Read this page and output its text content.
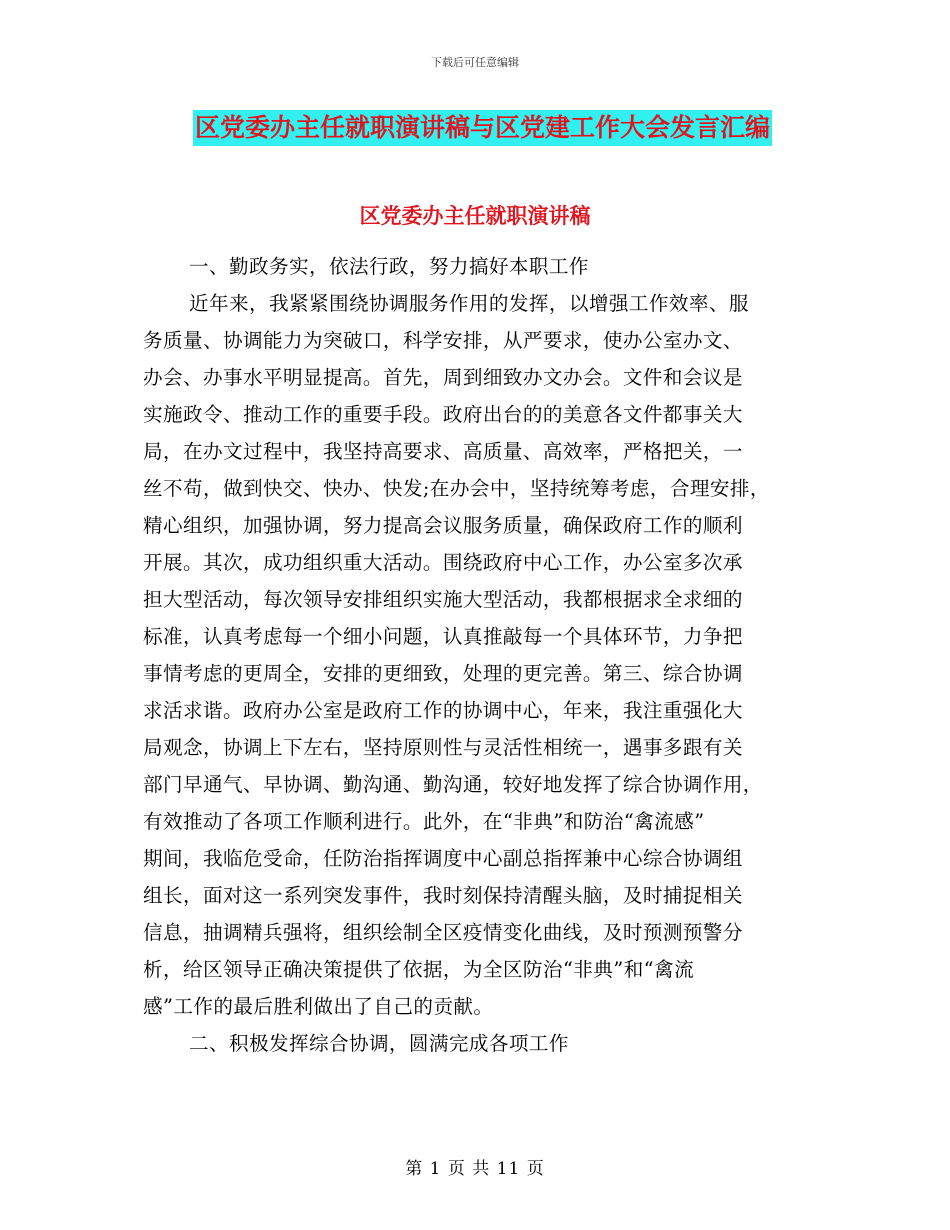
下载后可任意编辑
区党委办主任就职演讲稿与区党建工作大会发言汇编
区党委办主任就职演讲稿
一、勤政务实，依法行政，努力搞好本职工作
近年来，我紧紧围绕协调服务作用的发挥，以增强工作效率、服
务质量、协调能力为突破口，科学安排，从严要求，使办公室办文、
办会、办事水平明显提高。首先，周到细致办文办会。文件和会议是
实施政令、推动工作的重要手段。政府出台的的美意各文件都事关大
局，在办文过程中，我坚持高要求、高质量、高效率，严格把关，一
丝不苟，做到快交、快办、快发;在办会中，坚持统筹考虑，合理安排，
精心组织，加强协调，努力提高会议服务质量，确保政府工作的顺利
开展。其次，成功组织重大活动。围绕政府中心工作，办公室多次承
担大型活动，每次领导安排组织实施大型活动，我都根据求全求细的
标准，认真考虑每一个细小问题，认真推敲每一个具体环节，力争把
事情考虑的更周全，安排的更细致，处理的更完善。第三、综合协调
求活求谐。政府办公室是政府工作的协调中心，年来，我注重强化大
局观念，协调上下左右，坚持原则性与灵活性相统一，遇事多跟有关
部门早通气、早协调、勤沟通、勤沟通，较好地发挥了综合协调作用，
有效推动了各项工作顺利进行。此外，在“非典”和防治“禽流感”
期间，我临危受命，任防治指挥调度中心副总指挥兼中心综合协调组
组长，面对这一系列突发事件，我时刻保持清醒头脑，及时捕捉相关
信息，抽调精兵强将，组织绘制全区疫情变化曲线，及时预测预警分
析，给区领导正确决策提供了依据，为全区防治“非典”和“禽流
感”工作的最后胜利做出了自己的贡献。
二、积极发挥综合协调，圆满完成各项工作
第 1 页 共 11 页
